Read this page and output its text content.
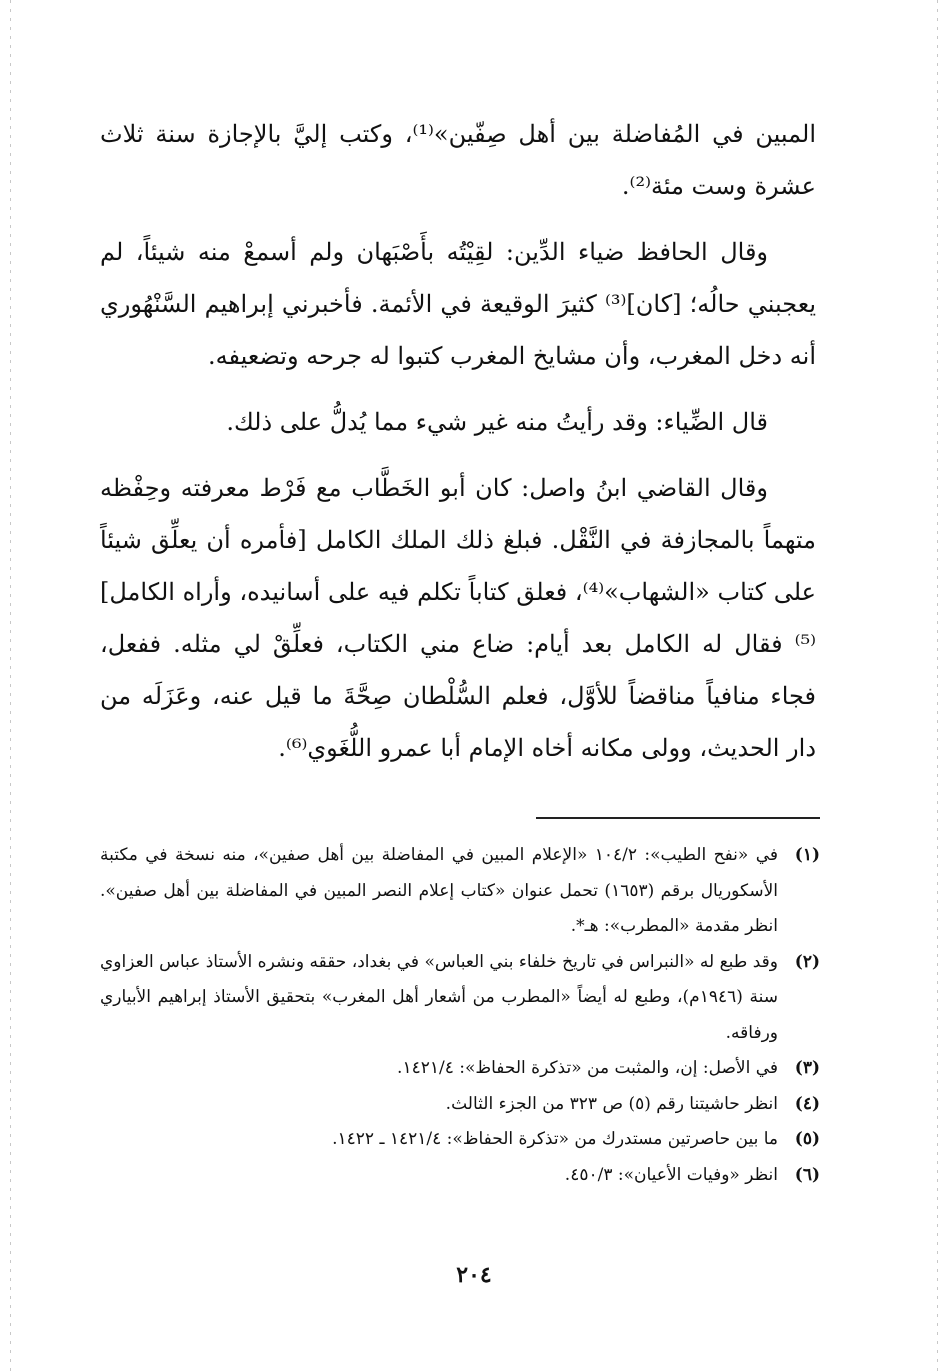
المبين في المُفاضلة بين أهل صِفّين»⁽¹⁾، وكتب إليَّ بالإجازة سنة ثلاث عشرة وست مئة⁽²⁾.

وقال الحافظ ضياء الدِّين: لقِيْتُه بأَصْبَهان ولم أسمعْ منه شيئاً، لم يعجبني حالُه؛ [كان]⁽³⁾ كثيرَ الوقيعة في الأئمة. فأخبرني إبراهيم السَّنْهُوري أنه دخل المغرب، وأن مشايخ المغرب كتبوا له جرحه وتضعيفه.

قال الضِّياء: وقد رأيتُ منه غير شيء مما يُدلُّ على ذلك.

وقال القاضي ابنُ واصل: كان أبو الخَطَّاب مع فَرْط معرفته وحِفْظه متهماً بالمجازفة في النَّقْل. فبلغ ذلك الملك الكامل [فأمره أن يعلِّق شيئاً على كتاب «الشهاب»⁽⁴⁾، فعلق كتاباً تكلم فيه على أسانيده، وأراه الكامل]⁽⁵⁾ فقال له الكامل بعد أيام: ضاع مني الكتاب، فعلِّقْ لي مثله. ففعل، فجاء منافياً مناقضاً للأوَّل، فعلم السُّلْطان صِحَّةَ ما قيل عنه، وعَزَلَه من دار الحديث، وولى مكانه أخاه الإمام أبا عمرو اللُّغَوي⁽⁶⁾.

(١)
في «نفح الطيب»: ١٠٤/٢ «الإعلام المبين في المفاضلة بين أهل صفين»، منه نسخة في مكتبة الأسكوريال برقم (١٦٥٣) تحمل عنوان «كتاب إعلام النصر المبين في المفاضلة بين أهل صفين». انظر مقدمة «المطرب»: هـ*.
(٢)
وقد طبع له «النبراس في تاريخ خلفاء بني العباس» في بغداد، حققه ونشره الأستاذ عباس العزاوي سنة (١٩٤٦م)، وطبع له أيضاً «المطرب من أشعار أهل المغرب» بتحقيق الأستاذ إبراهيم الأبياري ورفاقه.
(٣)
في الأصل: إن، والمثبت من «تذكرة الحفاظ»: ١٤٢١/٤.
(٤)
انظر حاشيتنا رقم (٥) ص ٣٢٣ من الجزء الثالث.
(٥)
ما بين حاصرتين مستدرك من «تذكرة الحفاظ»: ١٤٢١/٤ ـ ١٤٢٢.
(٦)
انظر «وفيات الأعيان»: ٤٥٠/٣.
٢٠٤
